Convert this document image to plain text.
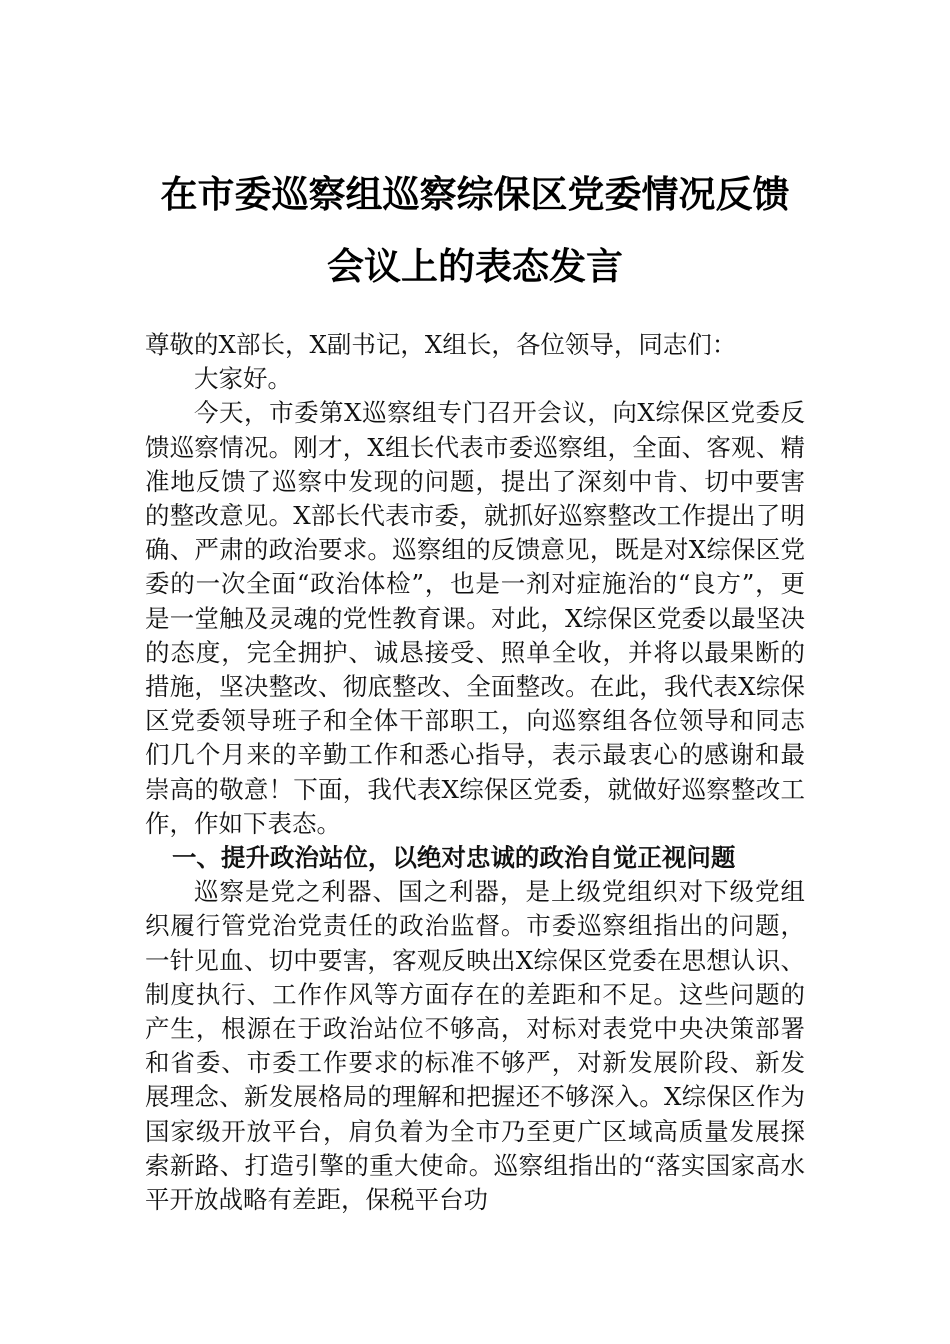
在市委巡察组巡察综保区党委情况反馈会议上的表态发言

尊敬的X部长，X副书记，X组长，各位领导，同志们：

大家好。

今天，市委第X巡察组专门召开会议，向X综保区党委反馈巡察情况。刚才，X组长代表市委巡察组，全面、客观、精准地反馈了巡察中发现的问题，提出了深刻中肯、切中要害的整改意见。X部长代表市委，就抓好巡察整改工作提出了明确、严肃的政治要求。巡察组的反馈意见，既是对X综保区党委的一次全面“政治体检”，也是一剂对症施治的“良方”，更是一堂触及灵魂的党性教育课。对此，X综保区党委以最坚决的态度，完全拥护、诚恳接受、照单全收，并将以最果断的措施，坚决整改、彻底整改、全面整改。在此，我代表X综保区党委领导班子和全体干部职工，向巡察组各位领导和同志们几个月来的辛勤工作和悉心指导，表示最衷心的感谢和最崇高的敬意！下面，我代表X综保区党委，就做好巡察整改工作，作如下表态。

一、提升政治站位，以绝对忠诚的政治自觉正视问题

巡察是党之利器、国之利器，是上级党组织对下级党组织履行管党治党责任的政治监督。市委巡察组指出的问题，一针见血、切中要害，客观反映出X综保区党委在思想认识、制度执行、工作作风等方面存在的差距和不足。这些问题的产生，根源在于政治站位不够高，对标对表党中央决策部署和省委、市委工作要求的标准不够严，对新发展阶段、新发展理念、新发展格局的理解和把握还不够深入。X综保区作为国家级开放平台，肩负着为全市乃至更广区域高质量发展探索新路、打造引擎的重大使命。巡察组指出的“落实国家高水平开放战略有差距，保税平台功
